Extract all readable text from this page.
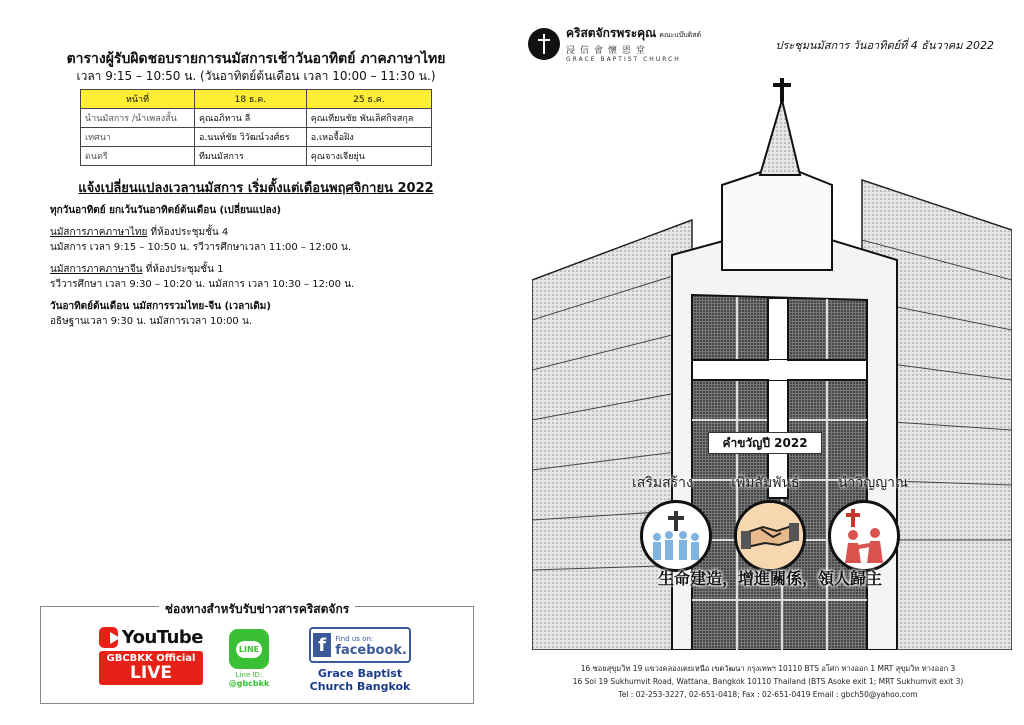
ตารางผู้รับผิดชอบรายการนมัสการเช้าวันอาทิตย์ ภาคภาษาไทย
เวลา 9:15 – 10:50 น. (วันอาทิตย์ต้นเดือน เวลา 10:00 – 11:30 น.)
หน้าที่	18 ธ.ค.	25 ธ.ค.
นำนมัสการ /นำเพลงสั้น	คุณอภิทาน ลี	คุณเทียนชัย พันเลิศกิจสกุล
เทศนา	อ.นนท์ชัย วิวัฒน์วงศ์ธร	อ.เหอจื้อฝิง
ดนตรี	ทีมนมัสการ	คุณจางเจียยุ่น
แจ้งเปลี่ยนแปลงเวลานมัสการ เริ่มตั้งแต่เดือนพฤศจิกายน 2022
ทุกวันอาทิตย์ ยกเว้นวันอาทิตย์ต้นเดือน (เปลี่ยนแปลง)
นมัสการภาคภาษาไทย ที่ห้องประชุมชั้น 4
นมัสการ เวลา 9:15 – 10:50 น. รวีวารศึกษาเวลา 11:00 – 12:00 น.
นมัสการภาคภาษาจีน ที่ห้องประชุมชั้น 1
รวีวารศึกษา เวลา 9:30 – 10:20 น. นมัสการ เวลา 10:30 – 12:00 น.
วันอาทิตย์ต้นเดือน นมัสการรวมไทย-จีน (เวลาเดิม)
อธิษฐานเวลา 9:30 น. นมัสการเวลา 10:00 น.
ช่องทางสำหรับรับข่าวสารคริสตจักร
YouTube
GBCBKK Official
LIVE
LINE
Line ID:
@gbcbkk
f	Find us on:
facebook.
Grace Baptist
Church Bangkok
คริสตจักรพระคุณ คณะแบ๊บติสต์
浸信會懷恩堂
GRACE BAPTIST CHURCH
ประชุมนมัสการ วันอาทิตย์ที่ 4 ธันวาคม 2022
คำขวัญปี 2022
เสริมสร้าง	เพิ่มสัมพันธ์	นำวิญญาณ
生命建造，增進關係，領人歸主
16 ซอยสุขุมวิท 19 แขวงคลองเตยเหนือ เขตวัฒนา กรุงเทพฯ 10110 BTS อโศก ทางออก 1 MRT สุขุมวิท ทางออก 3
16 Soi 19 Sukhumvit Road, Wattana, Bangkok 10110 Thailand (BTS Asoke exit 1; MRT Sukhumvit exit 3)
Tel : 02-253-3227, 02-651-0418; Fax : 02-651-0419 Email : gbch50@yahoo.com
